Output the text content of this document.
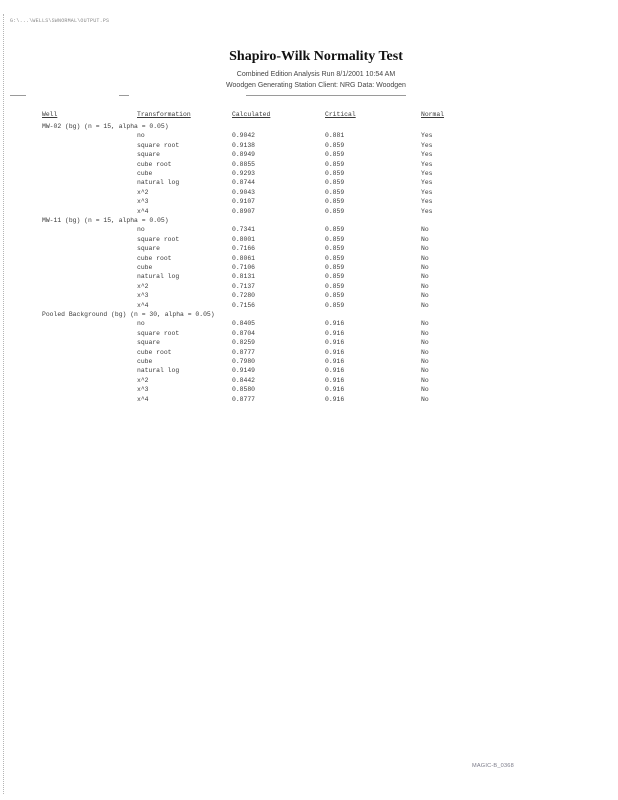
G:\...\WELLS\SWNORMAL\OUTPUT.PS
Shapiro-Wilk Normality Test
Combined Edition Analysis Run 8/1/2001 10:54 AM
Woodgen Generating Station Client: NRG Data: Woodgen
Well	Transformation	Calculated	Critical	Normal
MW-02 (bg) (n = 15, alpha = 0.05)
no	0.9042	0.881	Yes
square root	0.9138	0.859	Yes
square	0.8949	0.859	Yes
cube root	0.8855	0.859	Yes
cube	0.9293	0.859	Yes
natural log	0.8744	0.859	Yes
x^2	0.9043	0.859	Yes
x^3	0.9107	0.859	Yes
x^4	0.8907	0.859	Yes
MW-11 (bg) (n = 15, alpha = 0.05)
no	0.7341	0.859	No
square root	0.8001	0.859	No
square	0.7166	0.859	No
cube root	0.8061	0.859	No
cube	0.7106	0.859	No
natural log	0.8131	0.859	No
x^2	0.7137	0.859	No
x^3	0.7280	0.859	No
x^4	0.7156	0.859	No
Pooled Background (bg) (n = 30, alpha = 0.05)
no	0.8405	0.916	No
square root	0.8704	0.916	No
square	0.8259	0.916	No
cube root	0.8777	0.916	No
cube	0.7980	0.916	No
natural log	0.9149	0.916	No
x^2	0.8442	0.916	No
x^3	0.8580	0.916	No
x^4	0.8777	0.916	No
MAGIC-B_0368
